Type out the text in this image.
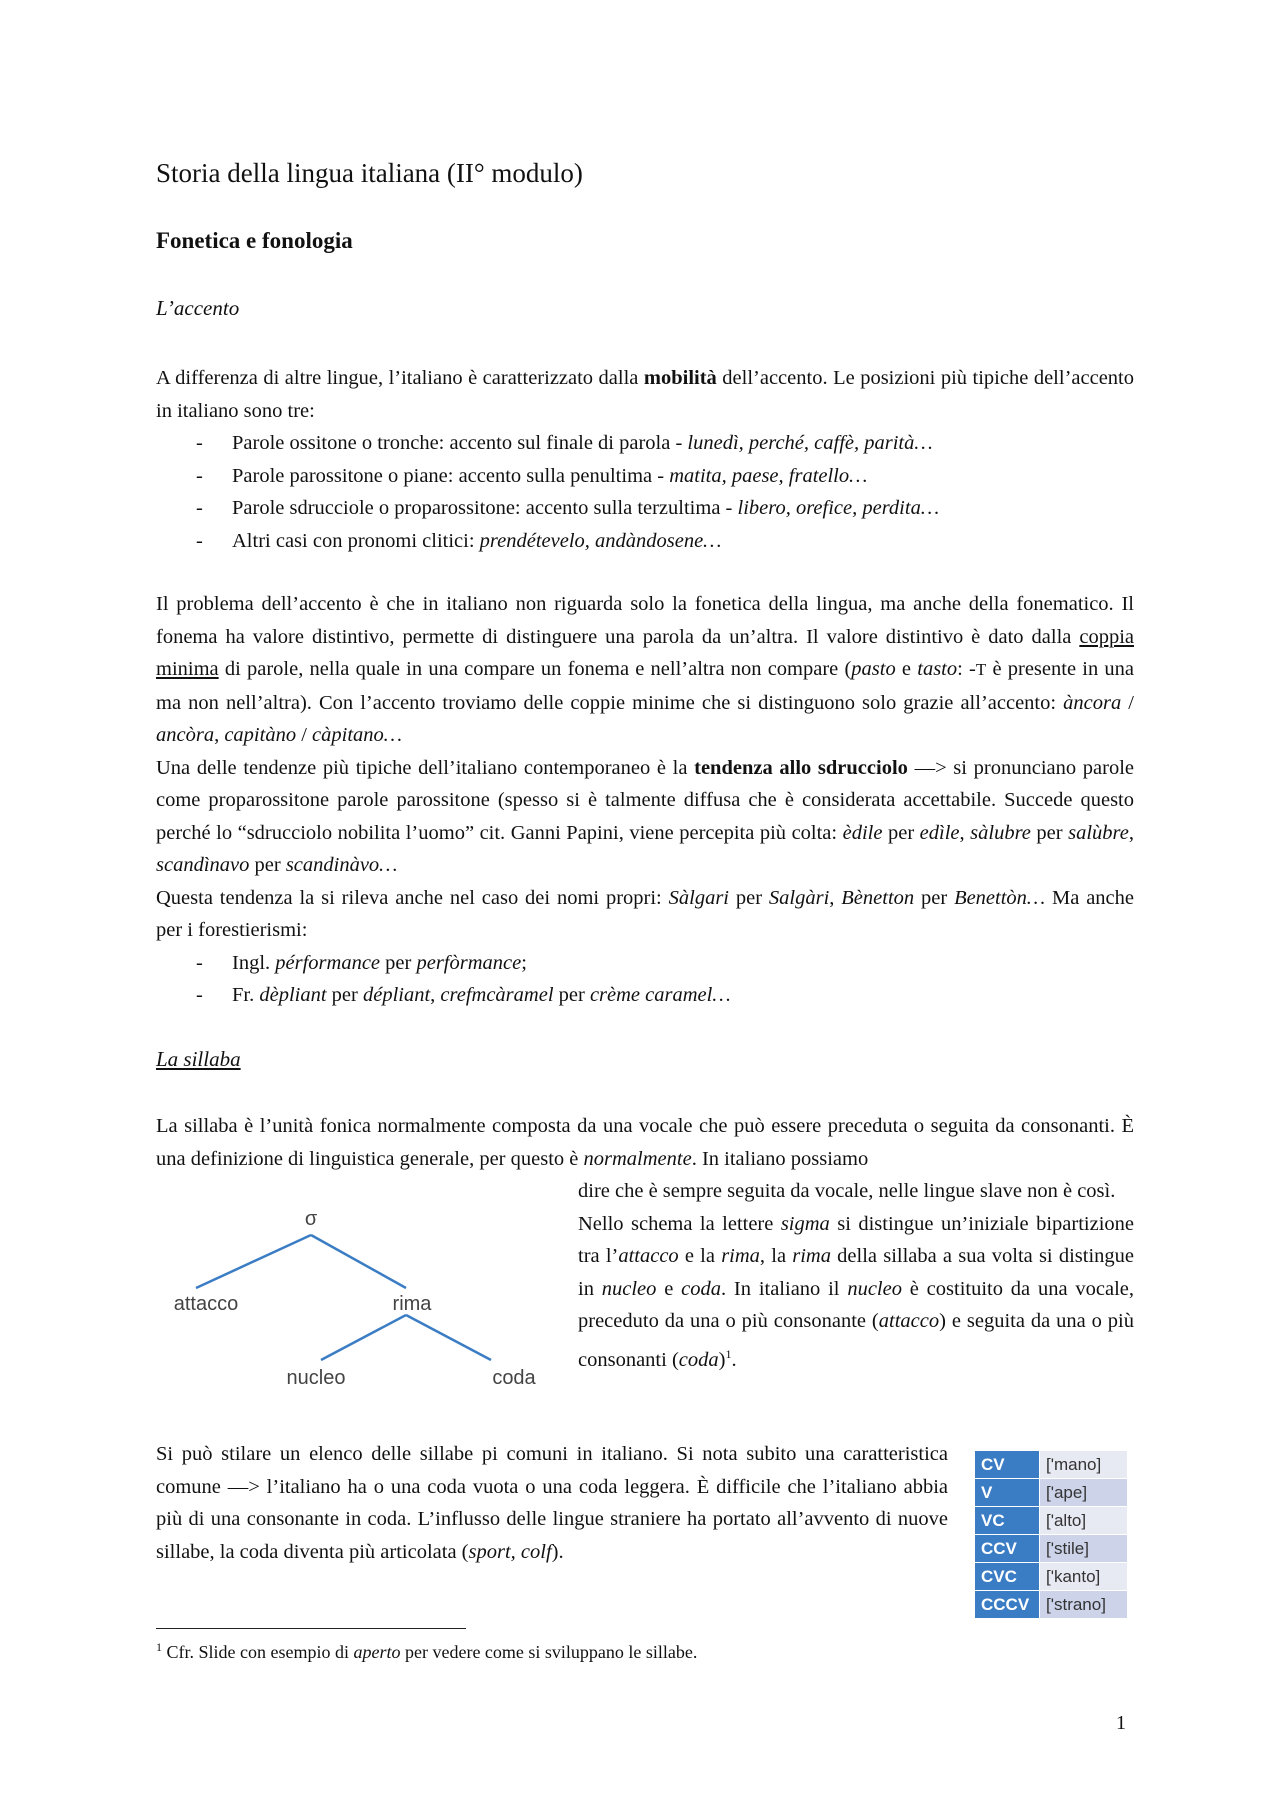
Storia della lingua italiana (II° modulo)
Fonetica e fonologia
L’accento

A differenza di altre lingue, l’italiano è caratterizzato dalla mobilità dell’accento. Le posizioni più tipiche dell’accento in italiano sono tre:

- Parole ossitone o tronche: accento sul finale di parola - lunedì, perché, caffè, parità…
- Parole parossitone o piane: accento sulla penultima - matita, paese, fratello…
- Parole sdrucciole o proparossitone: accento sulla terzultima - libero, orefice, perdita…
- Altri casi con pronomi clitici: prendétevelo, andàndosene…

Il problema dell’accento è che in italiano non riguarda solo la fonetica della lingua, ma anche della fonematico. Il fonema ha valore distintivo, permette di distinguere una parola da un’altra. Il valore distintivo è dato dalla coppia minima di parole, nella quale in una compare un fonema e nell’altra non compare (pasto e tasto: -T è presente in una ma non nell’altra). Con l’accento troviamo delle coppie minime che si distinguono solo grazie all’accento: àncora / ancòra, capitàno / càpitano…

Una delle tendenze più tipiche dell’italiano contemporaneo è la tendenza allo sdrucciolo —> si pronunciano parole come proparossitone parole parossitone (spesso si è talmente diffusa che è considerata accettabile. Succede questo perché lo “sdrucciolo nobilita l’uomo” cit. Ganni Papini, viene percepita più colta: èdile per edìle, sàlubre per salùbre, scandìnavo per scandinàvo…

Questa tendenza la si rileva anche nel caso dei nomi propri: Sàlgari per Salgàri, Bènetton per Benettòn… Ma anche per i forestierismi:

- Ingl. pérformance per perfòrmance;
- Fr. dèpliant per dépliant, crefmcàramel per crème caramel…
La sillaba

La sillaba è l’unità fonica normalmente composta da una vocale che può essere preceduta o seguita da consonanti. È una definizione di linguistica generale, per questo è normalmente. In italiano possiamo

σ
attacco	rima
nucleo	coda

dire che è sempre seguita da vocale, nelle lingue slave non è così.

Nello schema la lettere sigma si distingue un’iniziale bipartizione tra l’attacco e la rima, la rima della sillaba a sua volta si distingue in nucleo e coda. In italiano il nucleo è costituito da una vocale, preceduto da una o più consonante (attacco) e seguita da una o più consonanti (coda)$^1$.

Si può stilare un elenco delle sillabe pi comuni in italiano. Si nota subito una caratteristica comune —> l’italiano ha o una coda vuota o una coda leggera. È difficile che l’italiano abbia più di una consonante in coda. L’influsso delle lingue straniere ha portato all’avvento di nuove sillabe, la coda diventa più articolata (sport, colf).

CV	['mano]
V	['ape]
VC	['alto]
CCV	['stile]
CVC	['kanto]
CCCV	['strano]
$^1$ Cfr. Slide con esempio di aperto per vedere come si sviluppano le sillabe.
1
